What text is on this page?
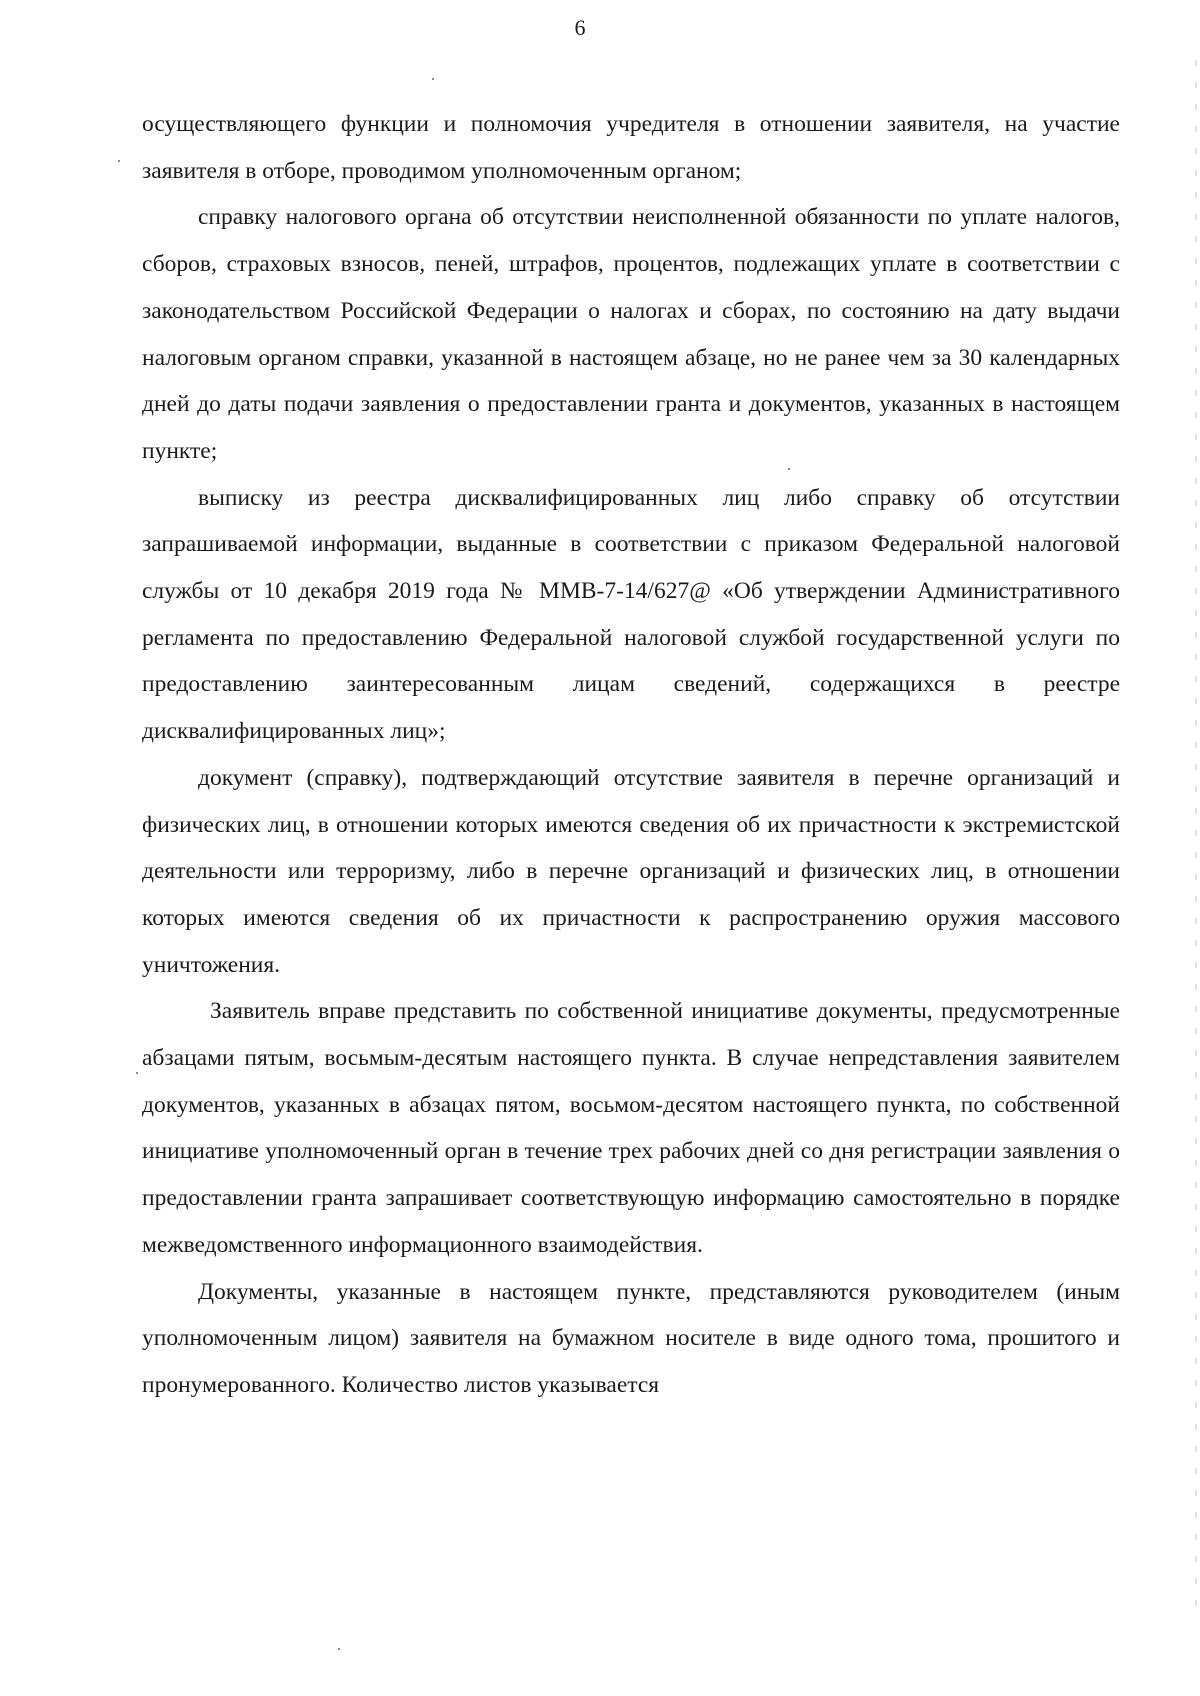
6

осуществляющего функции и полномочия учредителя в отношении заявителя, на участие заявителя в отборе, проводимом уполномоченным органом;

справку налогового органа об отсутствии неисполненной обязанности по уплате налогов, сборов, страховых взносов, пеней, штрафов, процентов, подлежащих уплате в соответствии с законодательством Российской Федерации о налогах и сборах, по состоянию на дату выдачи налоговым органом справки, указанной в настоящем абзаце, но не ранее чем за 30 календарных дней до даты подачи заявления о предоставлении гранта и документов, указанных в настоящем пункте;

выписку из реестра дисквалифицированных лиц либо справку об отсутствии запрашиваемой информации, выданные в соответствии с приказом Федеральной налоговой службы от 10 декабря 2019 года № ММВ-7-14/627@ «Об утверждении Административного регламента по предоставлению Федеральной налоговой службой государственной услуги по предоставлению заинтересованным лицам сведений, содержащихся в реестре дисквалифицированных лиц»;

документ (справку), подтверждающий отсутствие заявителя в перечне организаций и физических лиц, в отношении которых имеются сведения об их причастности к экстремистской деятельности или терроризму, либо в перечне организаций и физических лиц, в отношении которых имеются сведения об их причастности к распространению оружия массового уничтожения.

Заявитель вправе представить по собственной инициативе документы, предусмотренные абзацами пятым, восьмым-десятым настоящего пункта. В случае непредставления заявителем документов, указанных в абзацах пятом, восьмом-десятом настоящего пункта, по собственной инициативе уполномоченный орган в течение трех рабочих дней со дня регистрации заявления о предоставлении гранта запрашивает соответствующую информацию самостоятельно в порядке межведомственного информационного взаимодействия.

Документы, указанные в настоящем пункте, представляются руководителем (иным уполномоченным лицом) заявителя на бумажном носителе в виде одного тома, прошитого и пронумерованного. Количество листов указывается
